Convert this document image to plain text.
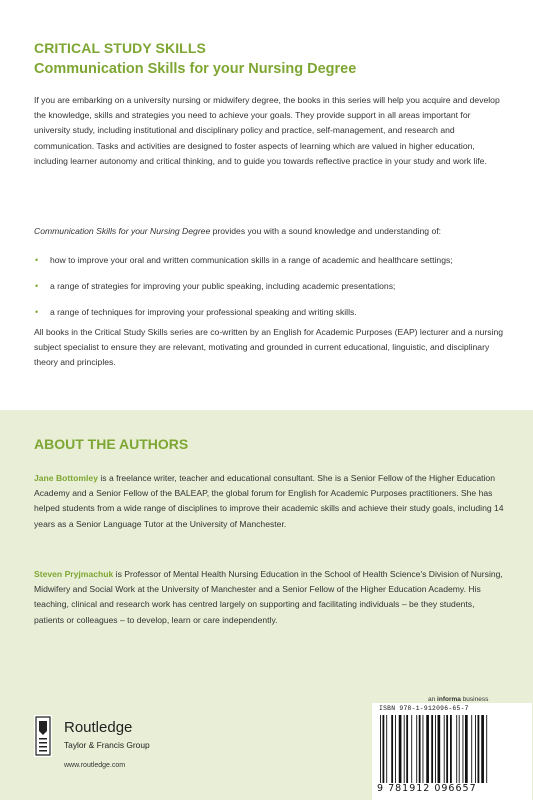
CRITICAL STUDY SKILLS
Communication Skills for your Nursing Degree

If you are embarking on a university nursing or midwifery degree, the books in this series will help you acquire and develop the knowledge, skills and strategies you need to achieve your goals. They provide support in all areas important for university study, including institutional and disciplinary policy and practice, self-management, and research and communication. Tasks and activities are designed to foster aspects of learning which are valued in higher education, including learner autonomy and critical thinking, and to guide you towards reflective practice in your study and work life.

Communication Skills for your Nursing Degree provides you with a sound knowledge and understanding of:

• how to improve your oral and written communication skills in a range of academic and healthcare settings;
• a range of strategies for improving your public speaking, including academic presentations;
• a range of techniques for improving your professional speaking and writing skills.

All books in the Critical Study Skills series are co-written by an English for Academic Purposes (EAP) lecturer and a nursing subject specialist to ensure they are relevant, motivating and grounded in current educational, linguistic, and disciplinary theory and principles.

ABOUT THE AUTHORS

Jane Bottomley is a freelance writer, teacher and educational consultant. She is a Senior Fellow of the Higher Education Academy and a Senior Fellow of the BALEAP, the global forum for English for Academic Purposes practitioners. She has helped students from a wide range of disciplines to improve their academic skills and achieve their study goals, including 14 years as a Senior Language Tutor at the University of Manchester.

Steven Pryjmachuk is Professor of Mental Health Nursing Education in the School of Health Science's Division of Nursing, Midwifery and Social Work at the University of Manchester and a Senior Fellow of the Higher Education Academy. His teaching, clinical and research work has centred largely on supporting and facilitating individuals – be they students, patients or colleagues – to develop, learn or care independently.

Routledge
Taylor & Francis Group
www.routledge.com
an informa business
ISBN 978-1-912096-65-7
9 781912 096657
